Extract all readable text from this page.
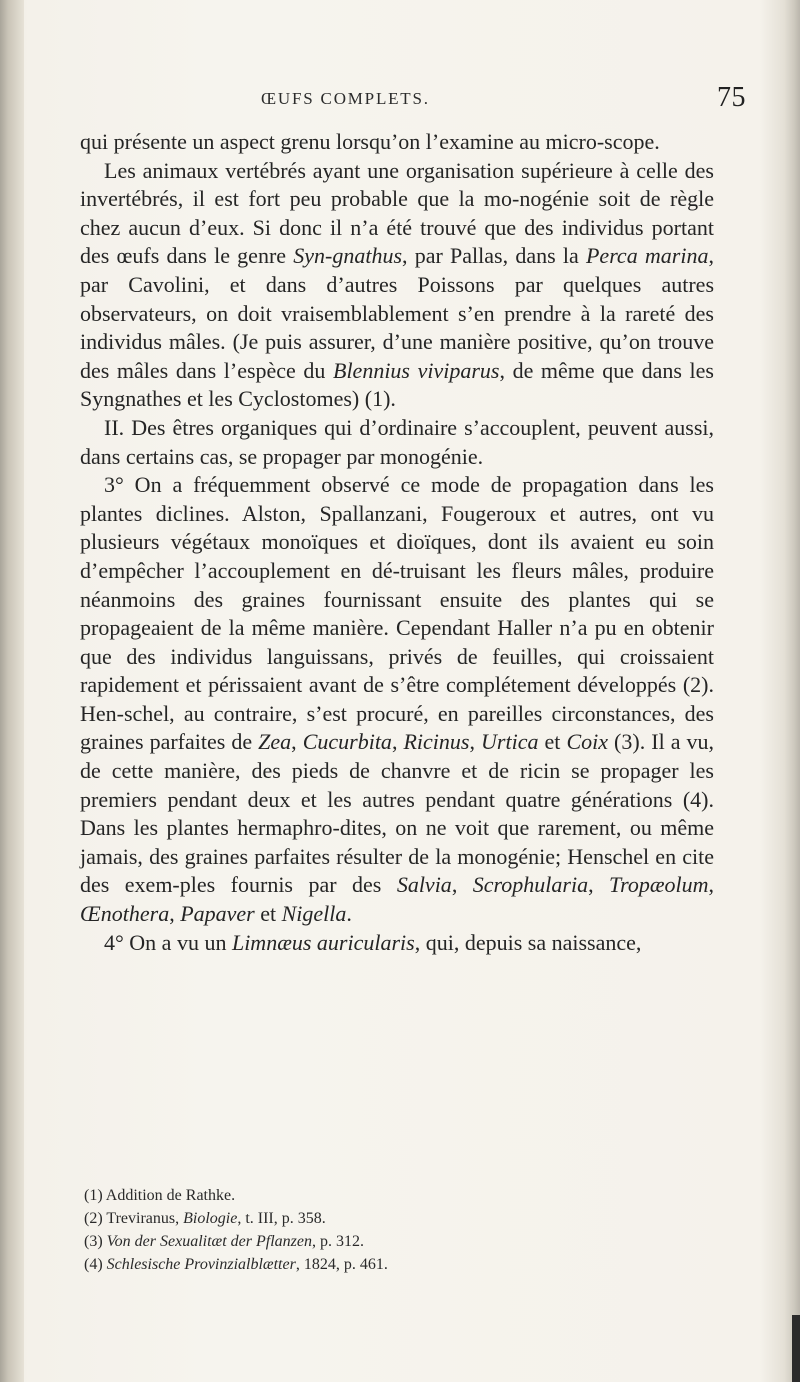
ŒUFS COMPLETS.	75

qui présente un aspect grenu lorsqu’on l’examine au micro-scope.

Les animaux vertébrés ayant une organisation supérieure à celle des invertébrés, il est fort peu probable que la mo-nogénie soit de règle chez aucun d’eux. Si donc il n’a été trouvé que des individus portant des œufs dans le genre Syn-gnathus, par Pallas, dans la Perca marina, par Cavolini, et dans d’autres Poissons par quelques autres observateurs, on doit vraisemblablement s’en prendre à la rareté des individus mâles. (Je puis assurer, d’une manière positive, qu’on trouve des mâles dans l’espèce du Blennius viviparus, de même que dans les Syngnathes et les Cyclostomes) (1).

II. Des êtres organiques qui d’ordinaire s’accouplent, peuvent aussi, dans certains cas, se propager par monogénie.

3° On a fréquemment observé ce mode de propagation dans les plantes diclines. Alston, Spallanzani, Fougeroux et autres, ont vu plusieurs végétaux monoïques et dioïques, dont ils avaient eu soin d’empêcher l’accouplement en dé-truisant les fleurs mâles, produire néanmoins des graines fournissant ensuite des plantes qui se propageaient de la même manière. Cependant Haller n’a pu en obtenir que des individus languissans, privés de feuilles, qui croissaient rapidement et périssaient avant de s’être complétement développés (2). Hen-schel, au contraire, s’est procuré, en pareilles circonstances, des graines parfaites de Zea, Cucurbita, Ricinus, Urtica et Coix (3). Il a vu, de cette manière, des pieds de chanvre et de ricin se propager les premiers pendant deux et les autres pendant quatre générations (4). Dans les plantes hermaphro-dites, on ne voit que rarement, ou même jamais, des graines parfaites résulter de la monogénie; Henschel en cite des exem-ples fournis par des Salvia, Scrophularia, Tropæolum, Œnothera, Papaver et Nigella.

4° On a vu un Limnæus auricularis, qui, depuis sa naissance,

(1) Addition de Rathke.

(2) Treviranus, Biologie, t. III, p. 358.

(3) Von der Sexualitæt der Pflanzen, p. 312.

(4) Schlesische Provinzialblætter, 1824, p. 461.
